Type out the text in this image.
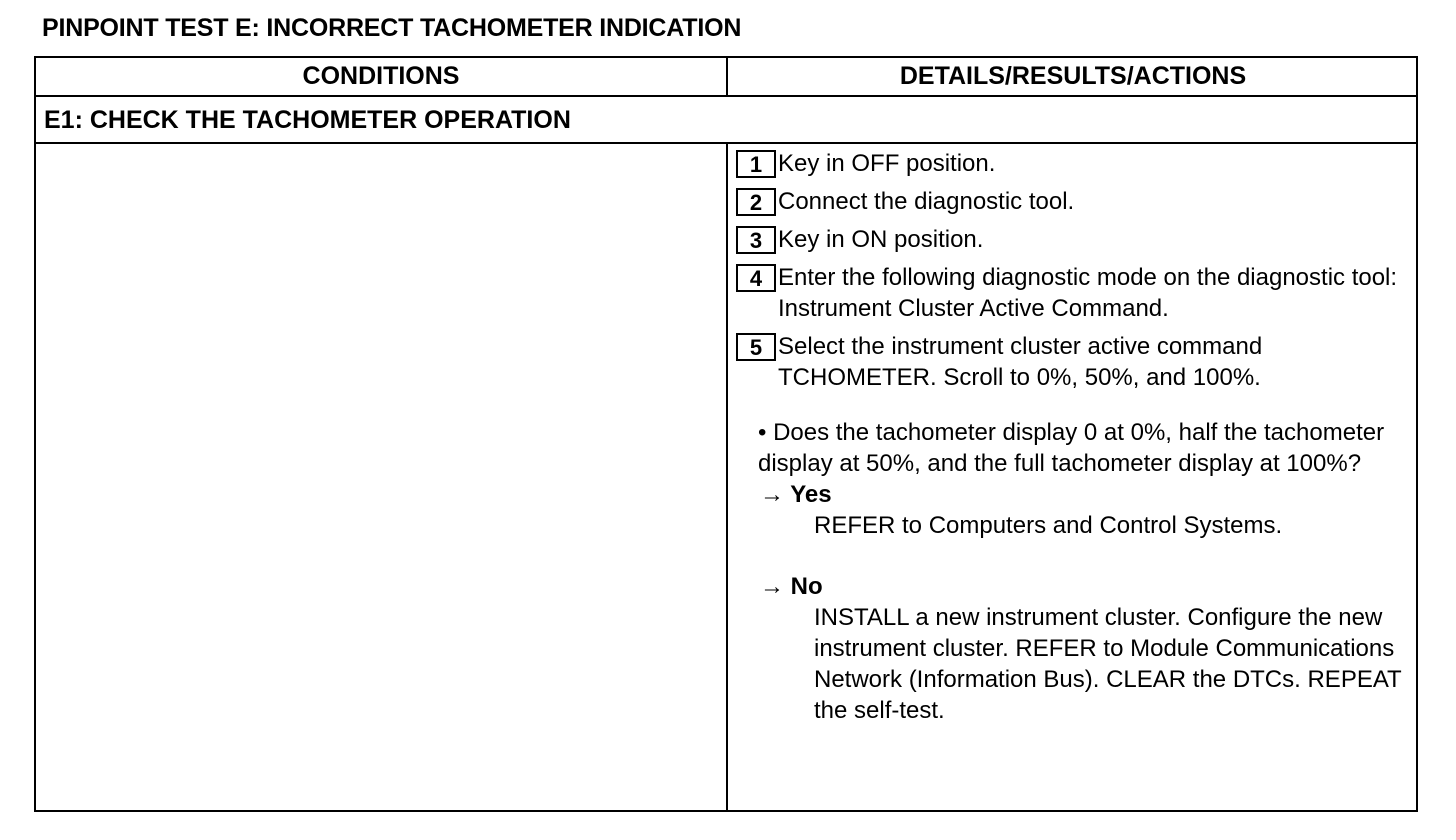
PINPOINT TEST E: INCORRECT TACHOMETER INDICATION
CONDITIONS	DETAILS/RESULTS/ACTIONS
E1: CHECK THE TACHOMETER OPERATION
1 Key in OFF position.
2 Connect the diagnostic tool.
3 Key in ON position.
4 Enter the following diagnostic mode on the diagnostic tool: Instrument Cluster Active Command.
5 Select the instrument cluster active command TCHOMETER. Scroll to 0%, 50%, and 100%.
• Does the tachometer display 0 at 0%, half the tachometer display at 50%, and the full tachometer display at 100%?
→ Yes
REFER to Computers and Control Systems.
→ No
INSTALL a new instrument cluster. Configure the new instrument cluster. REFER to Module Communications Network (Information Bus). CLEAR the DTCs. REPEAT the self-test.
